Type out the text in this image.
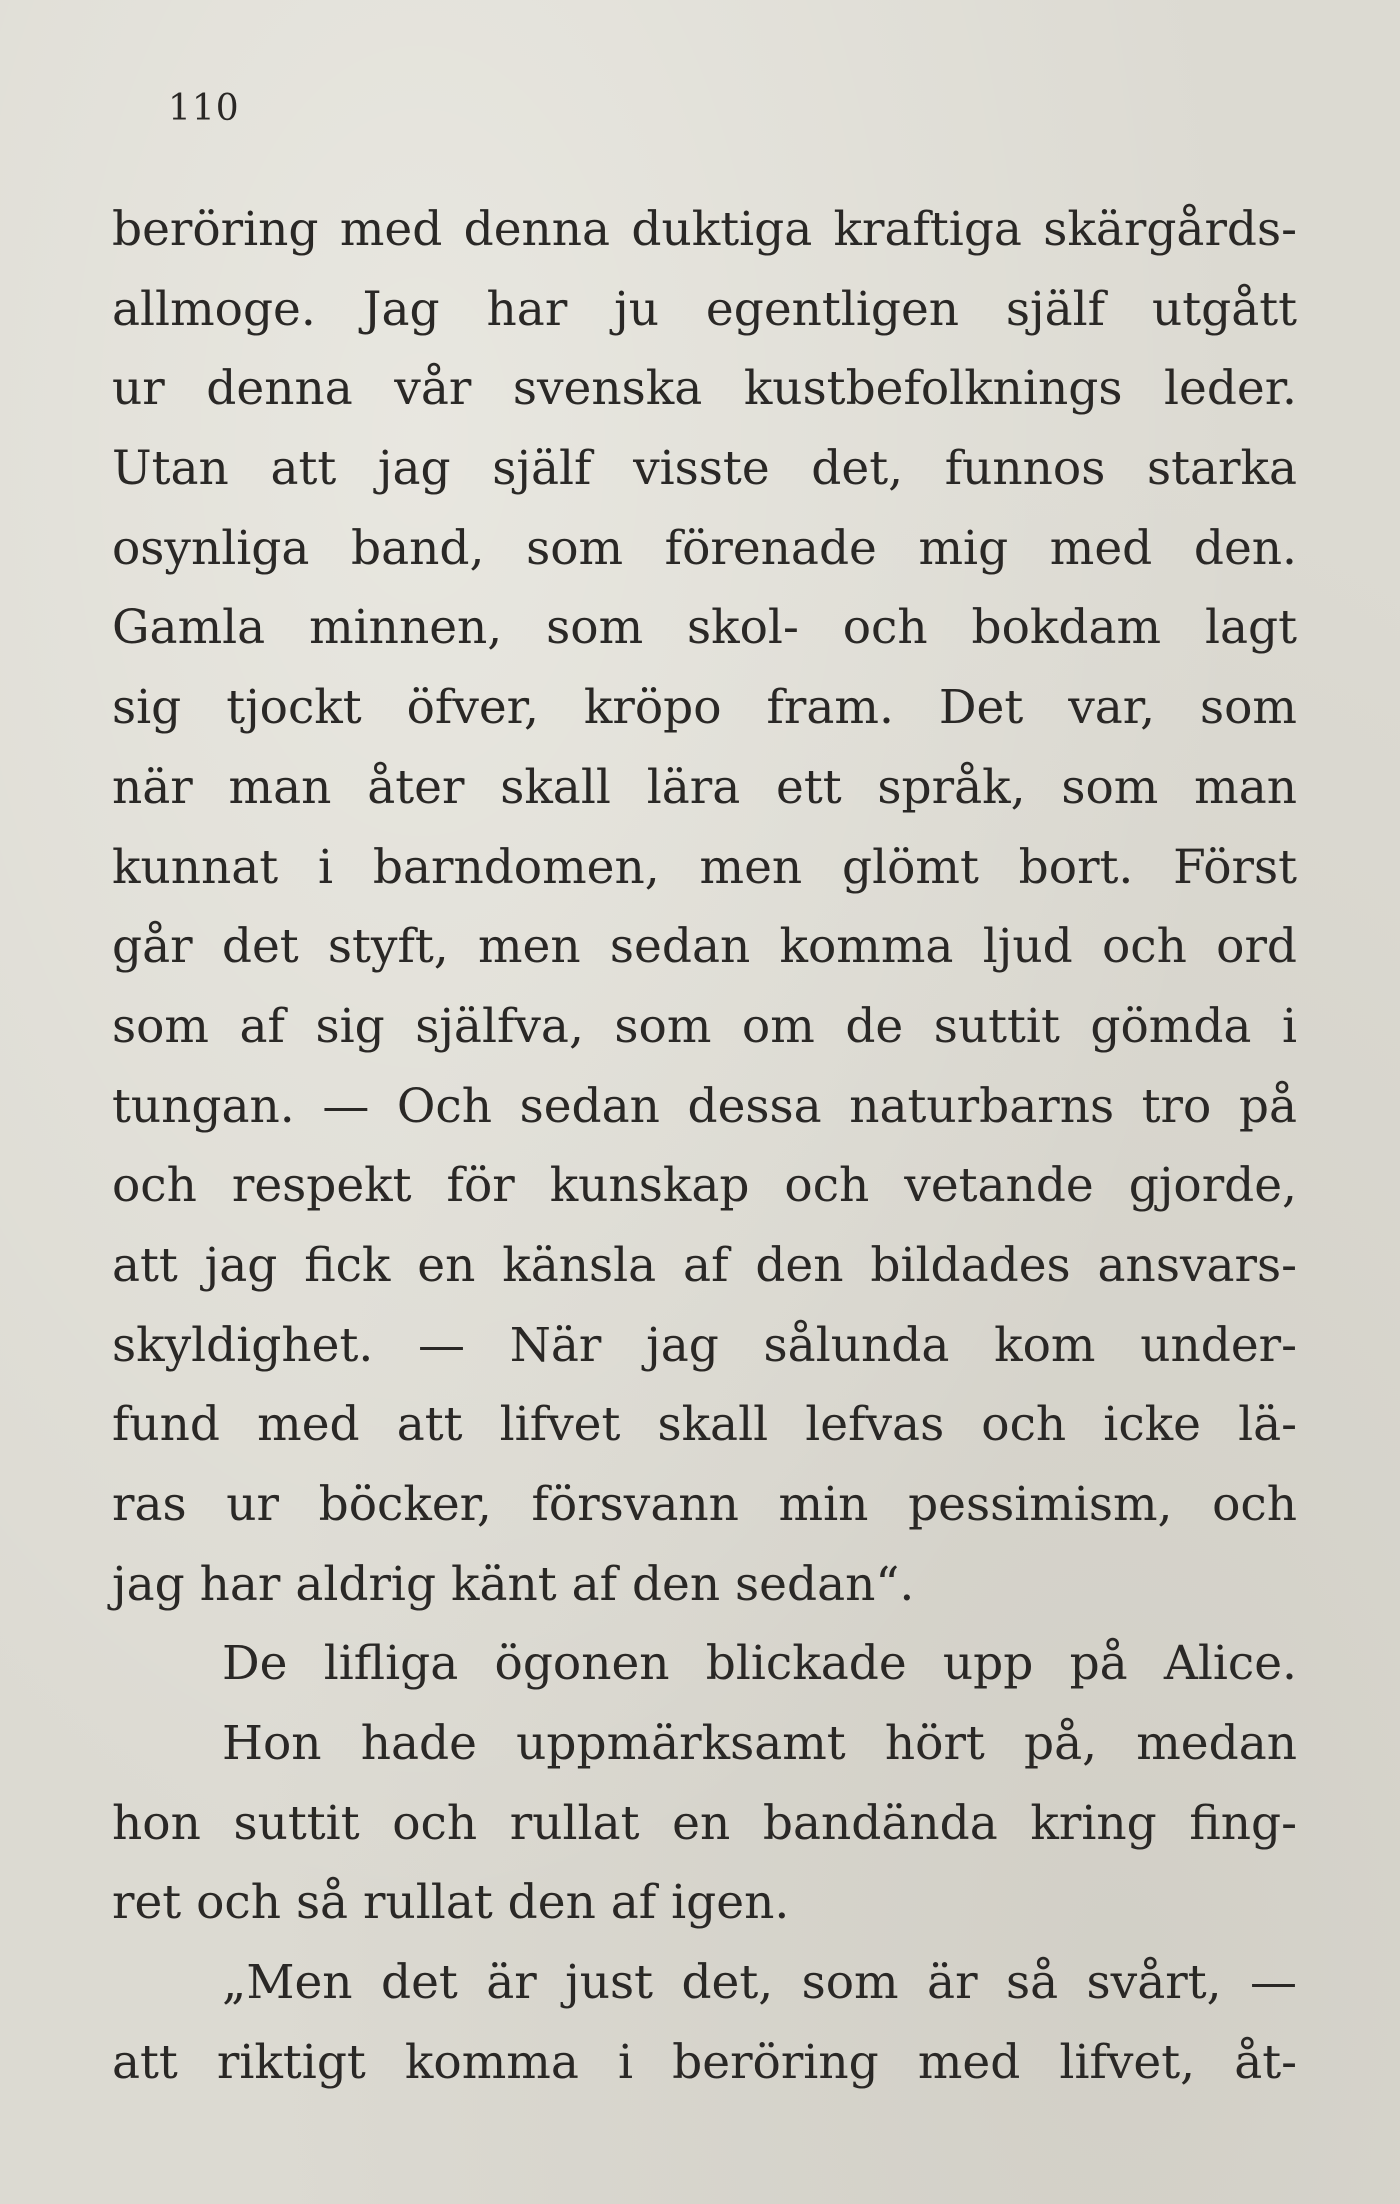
110
beröring med denna duktiga kraftiga skärgårds-
allmoge. Jag har ju egentligen själf utgått
ur denna vår svenska kustbefolknings leder.
Utan att jag själf visste det, funnos starka
osynliga band, som förenade mig med den.
Gamla minnen, som skol- och bokdam lagt
sig tjockt öfver, kröpo fram. Det var, som
när man åter skall lära ett språk, som man
kunnat i barndomen, men glömt bort. Först
går det styft, men sedan komma ljud och ord
som af sig själfva, som om de suttit gömda i
tungan. — Och sedan dessa naturbarns tro på
och respekt för kunskap och vetande gjorde,
att jag fick en känsla af den bildades ansvars-
skyldighet. — När jag sålunda kom under-
fund med att lifvet skall lefvas och icke lä-
ras ur böcker, försvann min pessimism, och
jag har aldrig känt af den sedan“.
De lifliga ögonen blickade upp på Alice.
Hon hade uppmärksamt hört på, medan
hon suttit och rullat en bandända kring fing-
ret och så rullat den af igen.
„Men det är just det, som är så svårt, —
att riktigt komma i beröring med lifvet, åt-
